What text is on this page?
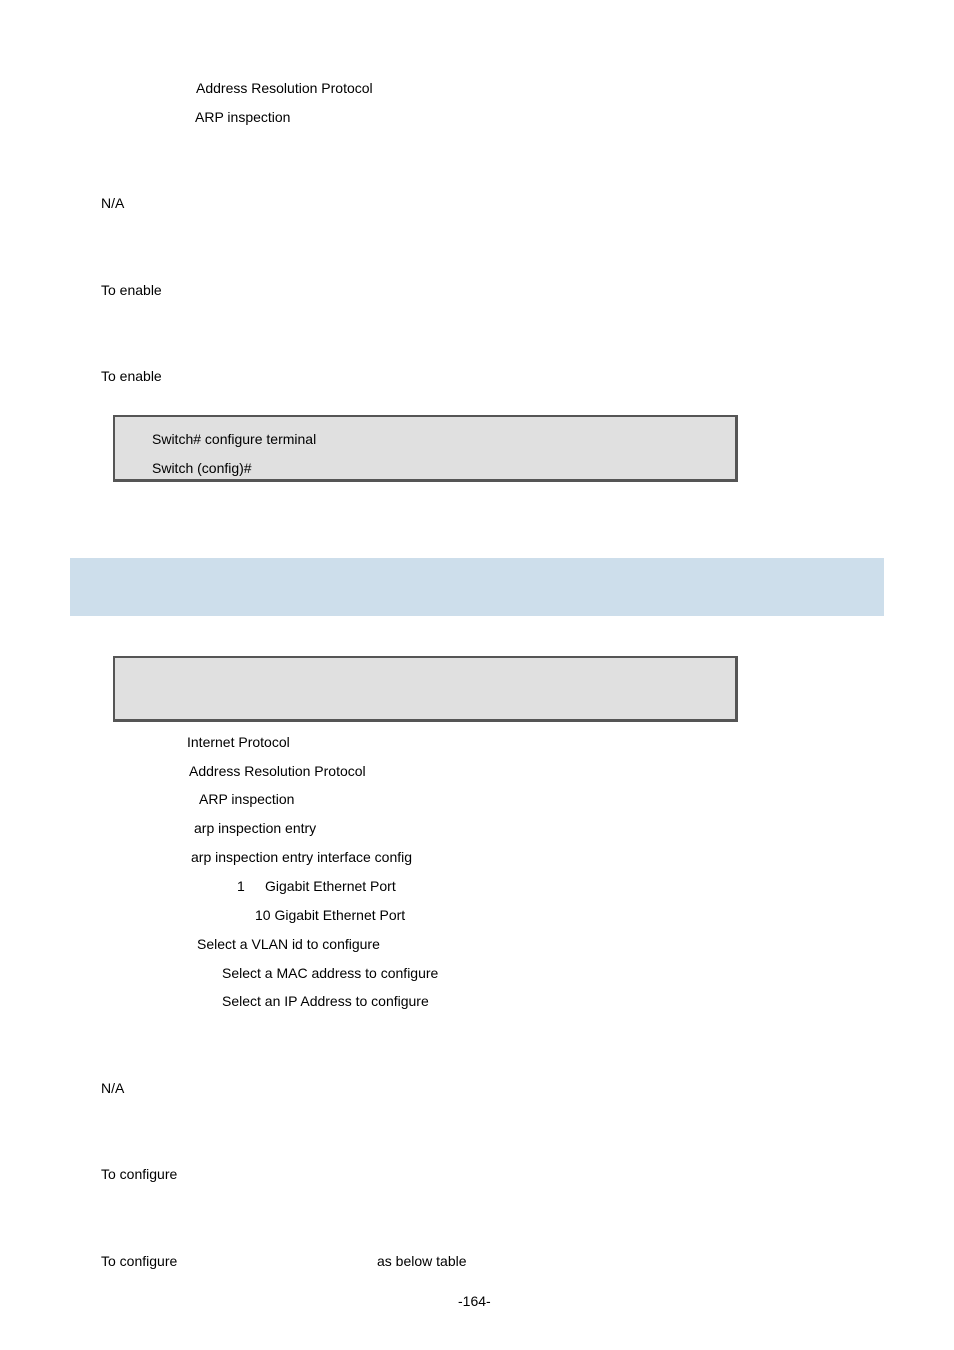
Address Resolution Protocol
ARP inspection
N/A
To enable
To enable
Switch# configure terminal
Switch (config)#
Internet Protocol
Address Resolution Protocol
ARP inspection
arp inspection entry
arp inspection entry interface config
1 Gigabit Ethernet Port
10 Gigabit Ethernet Port
Select a VLAN id to configure
Select a MAC address to configure
Select an IP Address to configure
N/A
To configure
To configure	as below table
-164-
